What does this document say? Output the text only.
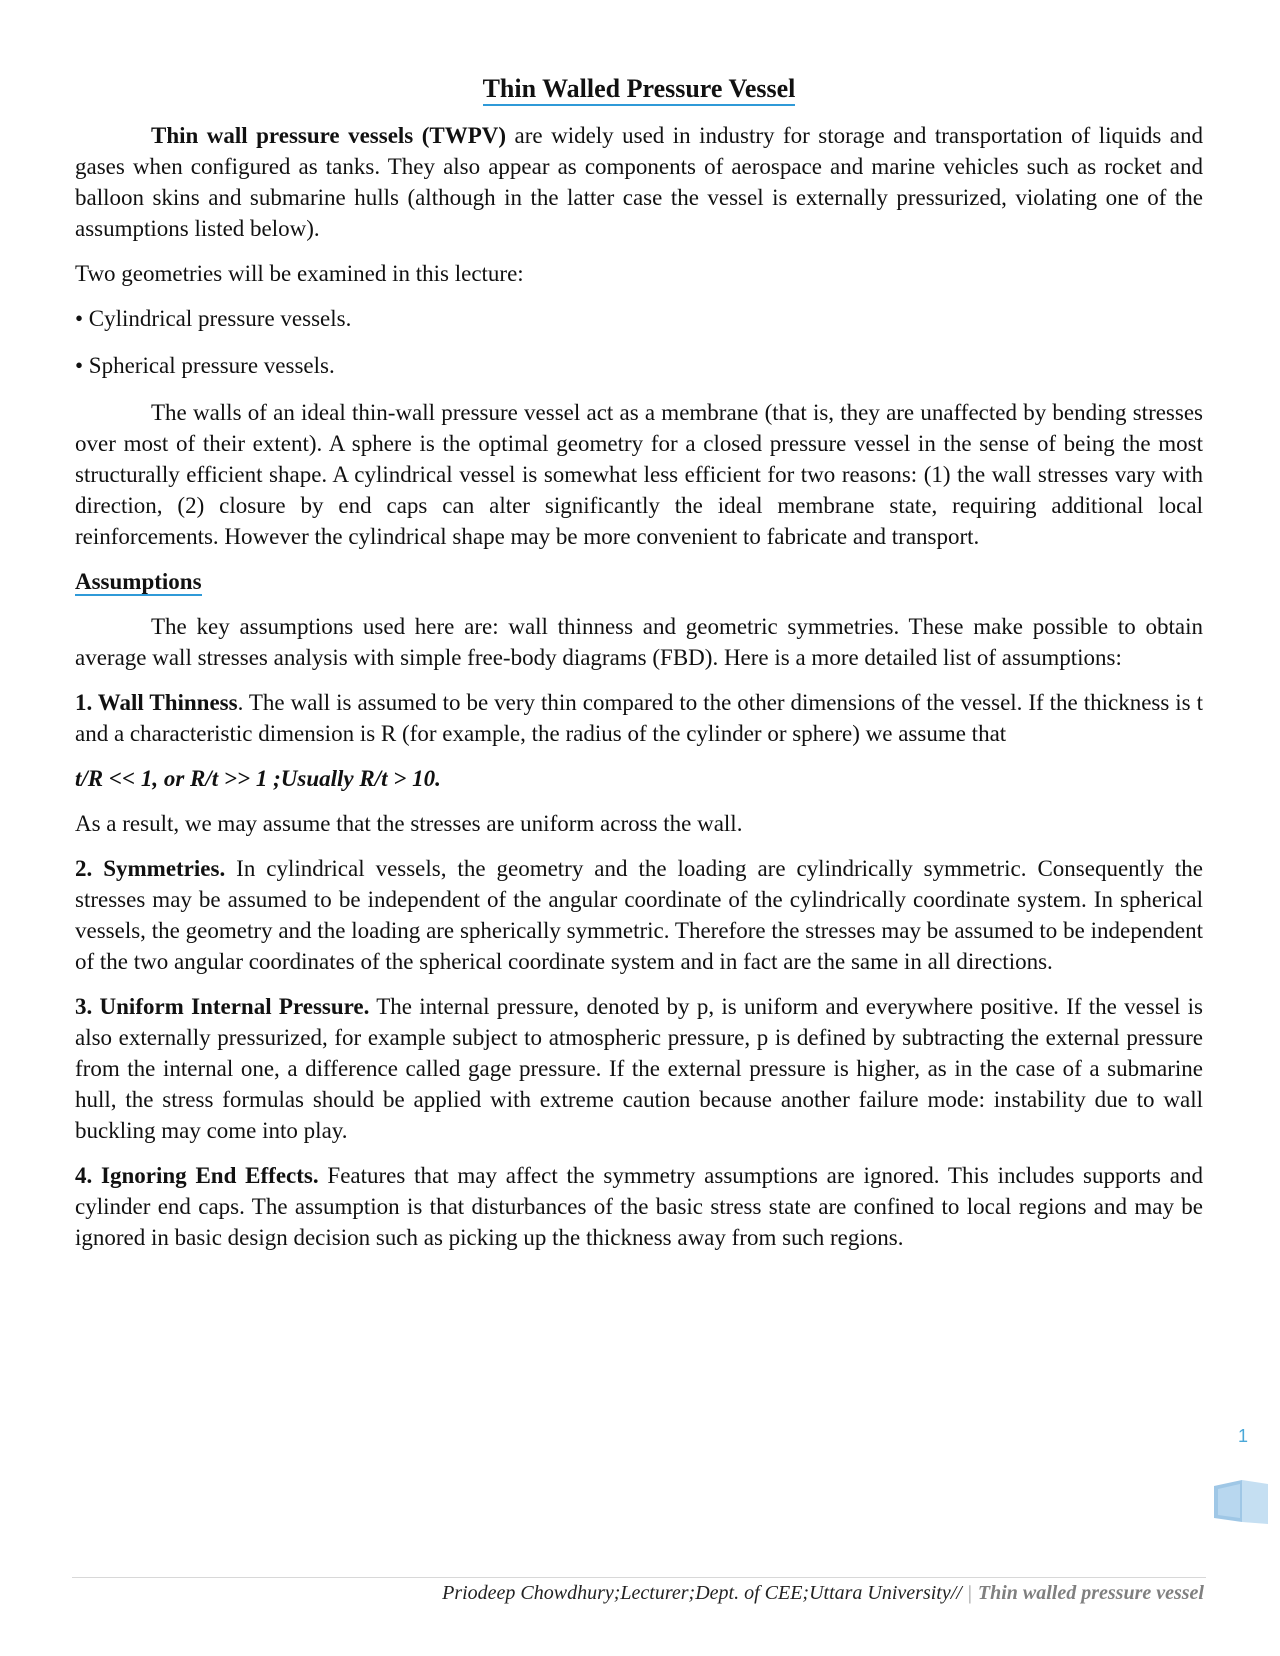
Thin Walled Pressure Vessel

Thin wall pressure vessels (TWPV) are widely used in industry for storage and transportation of liquids and gases when configured as tanks. They also appear as components of aerospace and marine vehicles such as rocket and balloon skins and submarine hulls (although in the latter case the vessel is externally pressurized, violating one of the assumptions listed below).

Two geometries will be examined in this lecture:

• Cylindrical pressure vessels.

• Spherical pressure vessels.

The walls of an ideal thin-wall pressure vessel act as a membrane (that is, they are unaffected by bending stresses over most of their extent). A sphere is the optimal geometry for a closed pressure vessel in the sense of being the most structurally efficient shape. A cylindrical vessel is somewhat less efficient for two reasons: (1) the wall stresses vary with direction, (2) closure by end caps can alter significantly the ideal membrane state, requiring additional local reinforcements. However the cylindrical shape may be more convenient to fabricate and transport.

Assumptions

The key assumptions used here are: wall thinness and geometric symmetries. These make possible to obtain average wall stresses analysis with simple free-body diagrams (FBD). Here is a more detailed list of assumptions:

1. Wall Thinness. The wall is assumed to be very thin compared to the other dimensions of the vessel. If the thickness is t and a characteristic dimension is R (for example, the radius of the cylinder or sphere) we assume that

t/R << 1, or R/t >> 1 ;Usually R/t > 10.

As a result, we may assume that the stresses are uniform across the wall.

2. Symmetries. In cylindrical vessels, the geometry and the loading are cylindrically symmetric. Consequently the stresses may be assumed to be independent of the angular coordinate of the cylindrically coordinate system. In spherical vessels, the geometry and the loading are spherically symmetric. Therefore the stresses may be assumed to be independent of the two angular coordinates of the spherical coordinate system and in fact are the same in all directions.

3. Uniform Internal Pressure. The internal pressure, denoted by p, is uniform and everywhere positive. If the vessel is also externally pressurized, for example subject to atmospheric pressure, p is defined by subtracting the external pressure from the internal one, a difference called gage pressure. If the external pressure is higher, as in the case of a submarine hull, the stress formulas should be applied with extreme caution because another failure mode: instability due to wall buckling may come into play.

4. Ignoring End Effects. Features that may affect the symmetry assumptions are ignored. This includes supports and cylinder end caps. The assumption is that disturbances of the basic stress state are confined to local regions and may be ignored in basic design decision such as picking up the thickness away from such regions.

1
Priodeep Chowdhury;Lecturer;Dept. of CEE;Uttara University// | Thin walled pressure vessel
